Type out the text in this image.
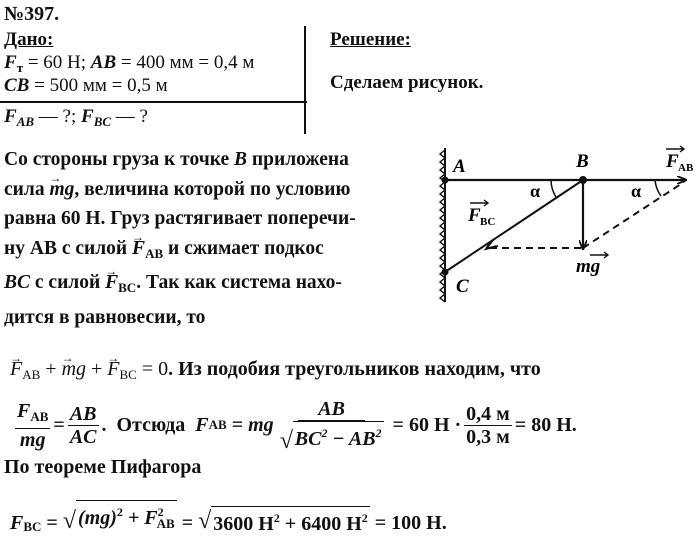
№397.
Дано:
$F_т = 60$ Н; AB = 400 мм = 0,4 м
CB = 500 мм = 0,5 м
$F_{AB}$ — ?; $F_{BC}$ — ?
Решение:
Сделаем рисунок.
Со стороны груза к точке B приложена
сила → mg, величина которой по условию
равна 60 Н. Груз растягивает поперечи-
ну AB с силой → $F_{AB}$ и сжимает подкос
BC с силой → $F_{BC}$. Так как система нахо-
дится в равновесии, то
A	B
C
α	α
F AB
F BC
mg
→ $F_{AB}$ + → mg + → $F_{BC} = 0$. Из подобия треугольников находим, что
$\frac{F_{AB}}{mg} = \frac{AB}{AC}$ . Отсюда F AB = mg $\frac{AB}{√ BC^2 - AB^2} = 60$ $Н \cdot \frac{0,4 м}{0,3 м} = 80$ Н.
По теореме Пифагора
F BC = √ $(mg)^2 + F^2_{AB}$ = √ 3600 $Н^2 + 6400$ $Н^2 = 100$ Н.
